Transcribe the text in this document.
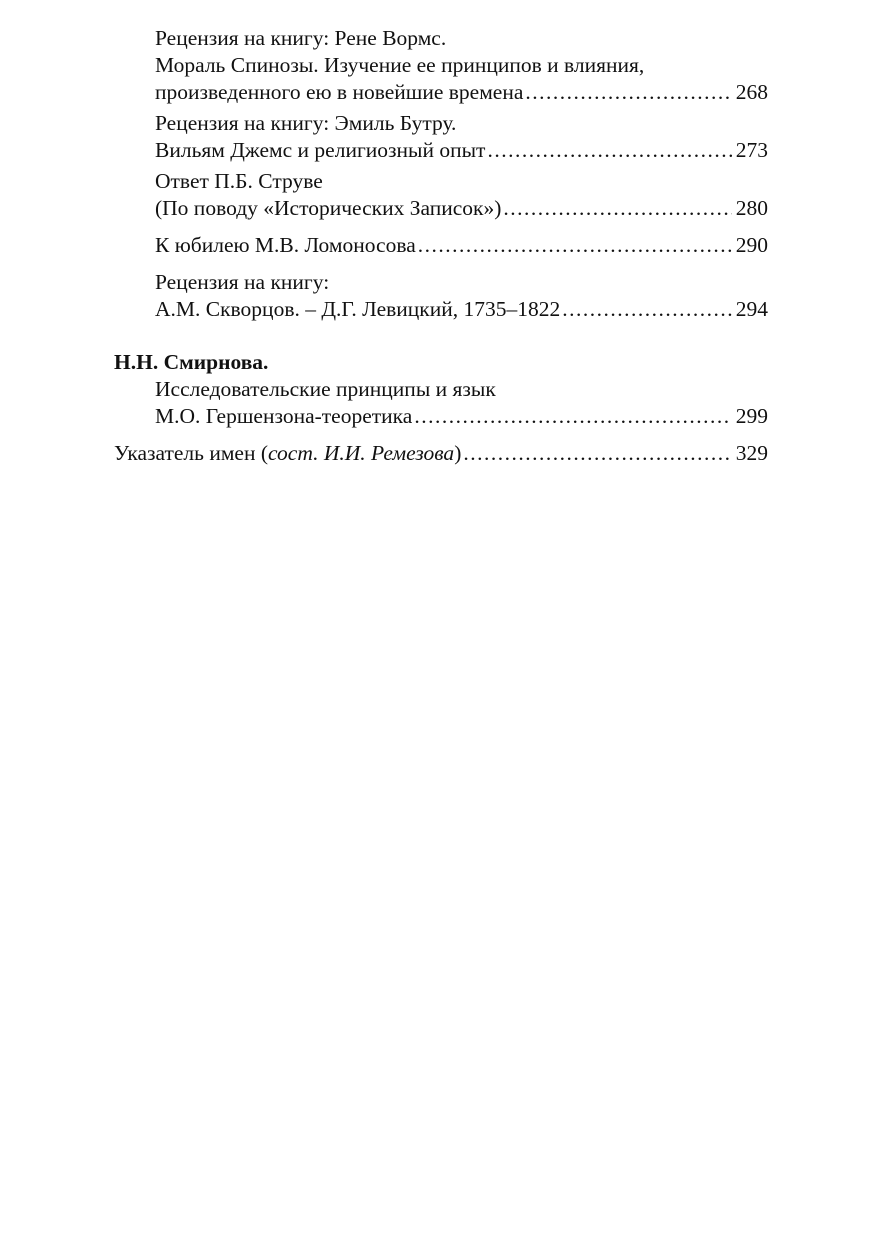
Рецензия на книгу: Рене Вормс.
Мораль Спинозы. Изучение ее принципов и влияния,
произведенного ею в новейшие времена .....	268
Рецензия на книгу: Эмиль Бутру.
Вильям Джемс и религиозный опыт .....	273
Ответ П.Б. Струве
(По поводу «Исторических Записок») .....	280
К юбилею М.В. Ломоносова .....	290
Рецензия на книгу:
А.М. Скворцов. – Д.Г. Левицкий, 1735–1822 .....	294
Н.Н. Смирнова.
Исследовательские принципы и язык
М.О. Гершензона-теоретика .....	299
Указатель имен (сост. И.И. Ремезова) .....	329
